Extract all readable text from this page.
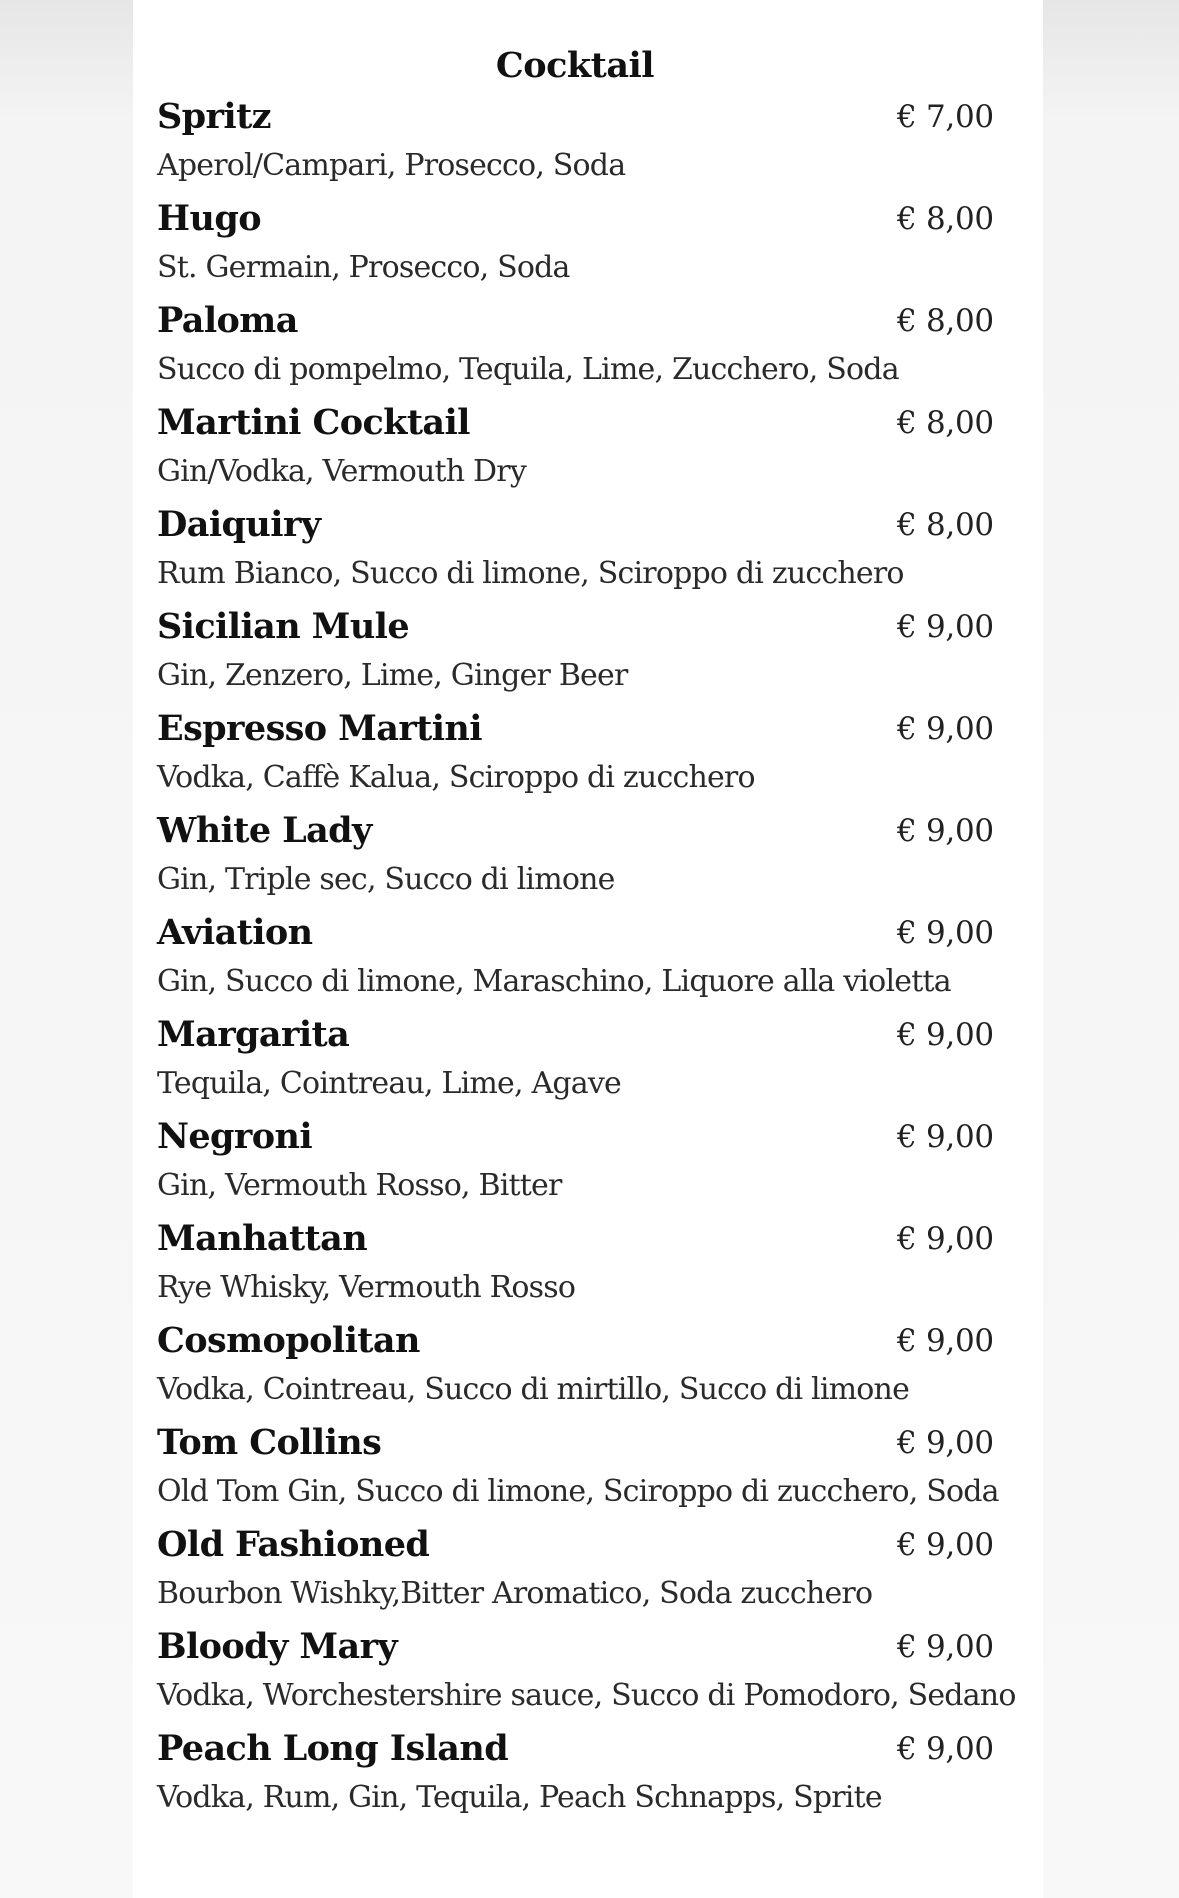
Cocktail
Spritz	€ 7,00
Aperol/Campari, Prosecco, Soda
Hugo	€ 8,00
St. Germain, Prosecco, Soda
Paloma	€ 8,00
Succo di pompelmo, Tequila, Lime, Zucchero, Soda
Martini Cocktail	€ 8,00
Gin/Vodka, Vermouth Dry
Daiquiry	€ 8,00
Rum Bianco, Succo di limone, Sciroppo di zucchero
Sicilian Mule	€ 9,00
Gin, Zenzero, Lime, Ginger Beer
Espresso Martini	€ 9,00
Vodka, Caffè Kalua, Sciroppo di zucchero
White Lady	€ 9,00
Gin, Triple sec, Succo di limone
Aviation	€ 9,00
Gin, Succo di limone, Maraschino, Liquore alla violetta
Margarita	€ 9,00
Tequila, Cointreau, Lime, Agave
Negroni	€ 9,00
Gin, Vermouth Rosso, Bitter
Manhattan	€ 9,00
Rye Whisky, Vermouth Rosso
Cosmopolitan	€ 9,00
Vodka, Cointreau, Succo di mirtillo, Succo di limone
Tom Collins	€ 9,00
Old Tom Gin, Succo di limone, Sciroppo di zucchero, Soda
Old Fashioned	€ 9,00
Bourbon Wishky,Bitter Aromatico, Soda zucchero
Bloody Mary	€ 9,00
Vodka, Worchestershire sauce, Succo di Pomodoro, Sedano
Peach Long Island	€ 9,00
Vodka, Rum, Gin, Tequila, Peach Schnapps, Sprite
